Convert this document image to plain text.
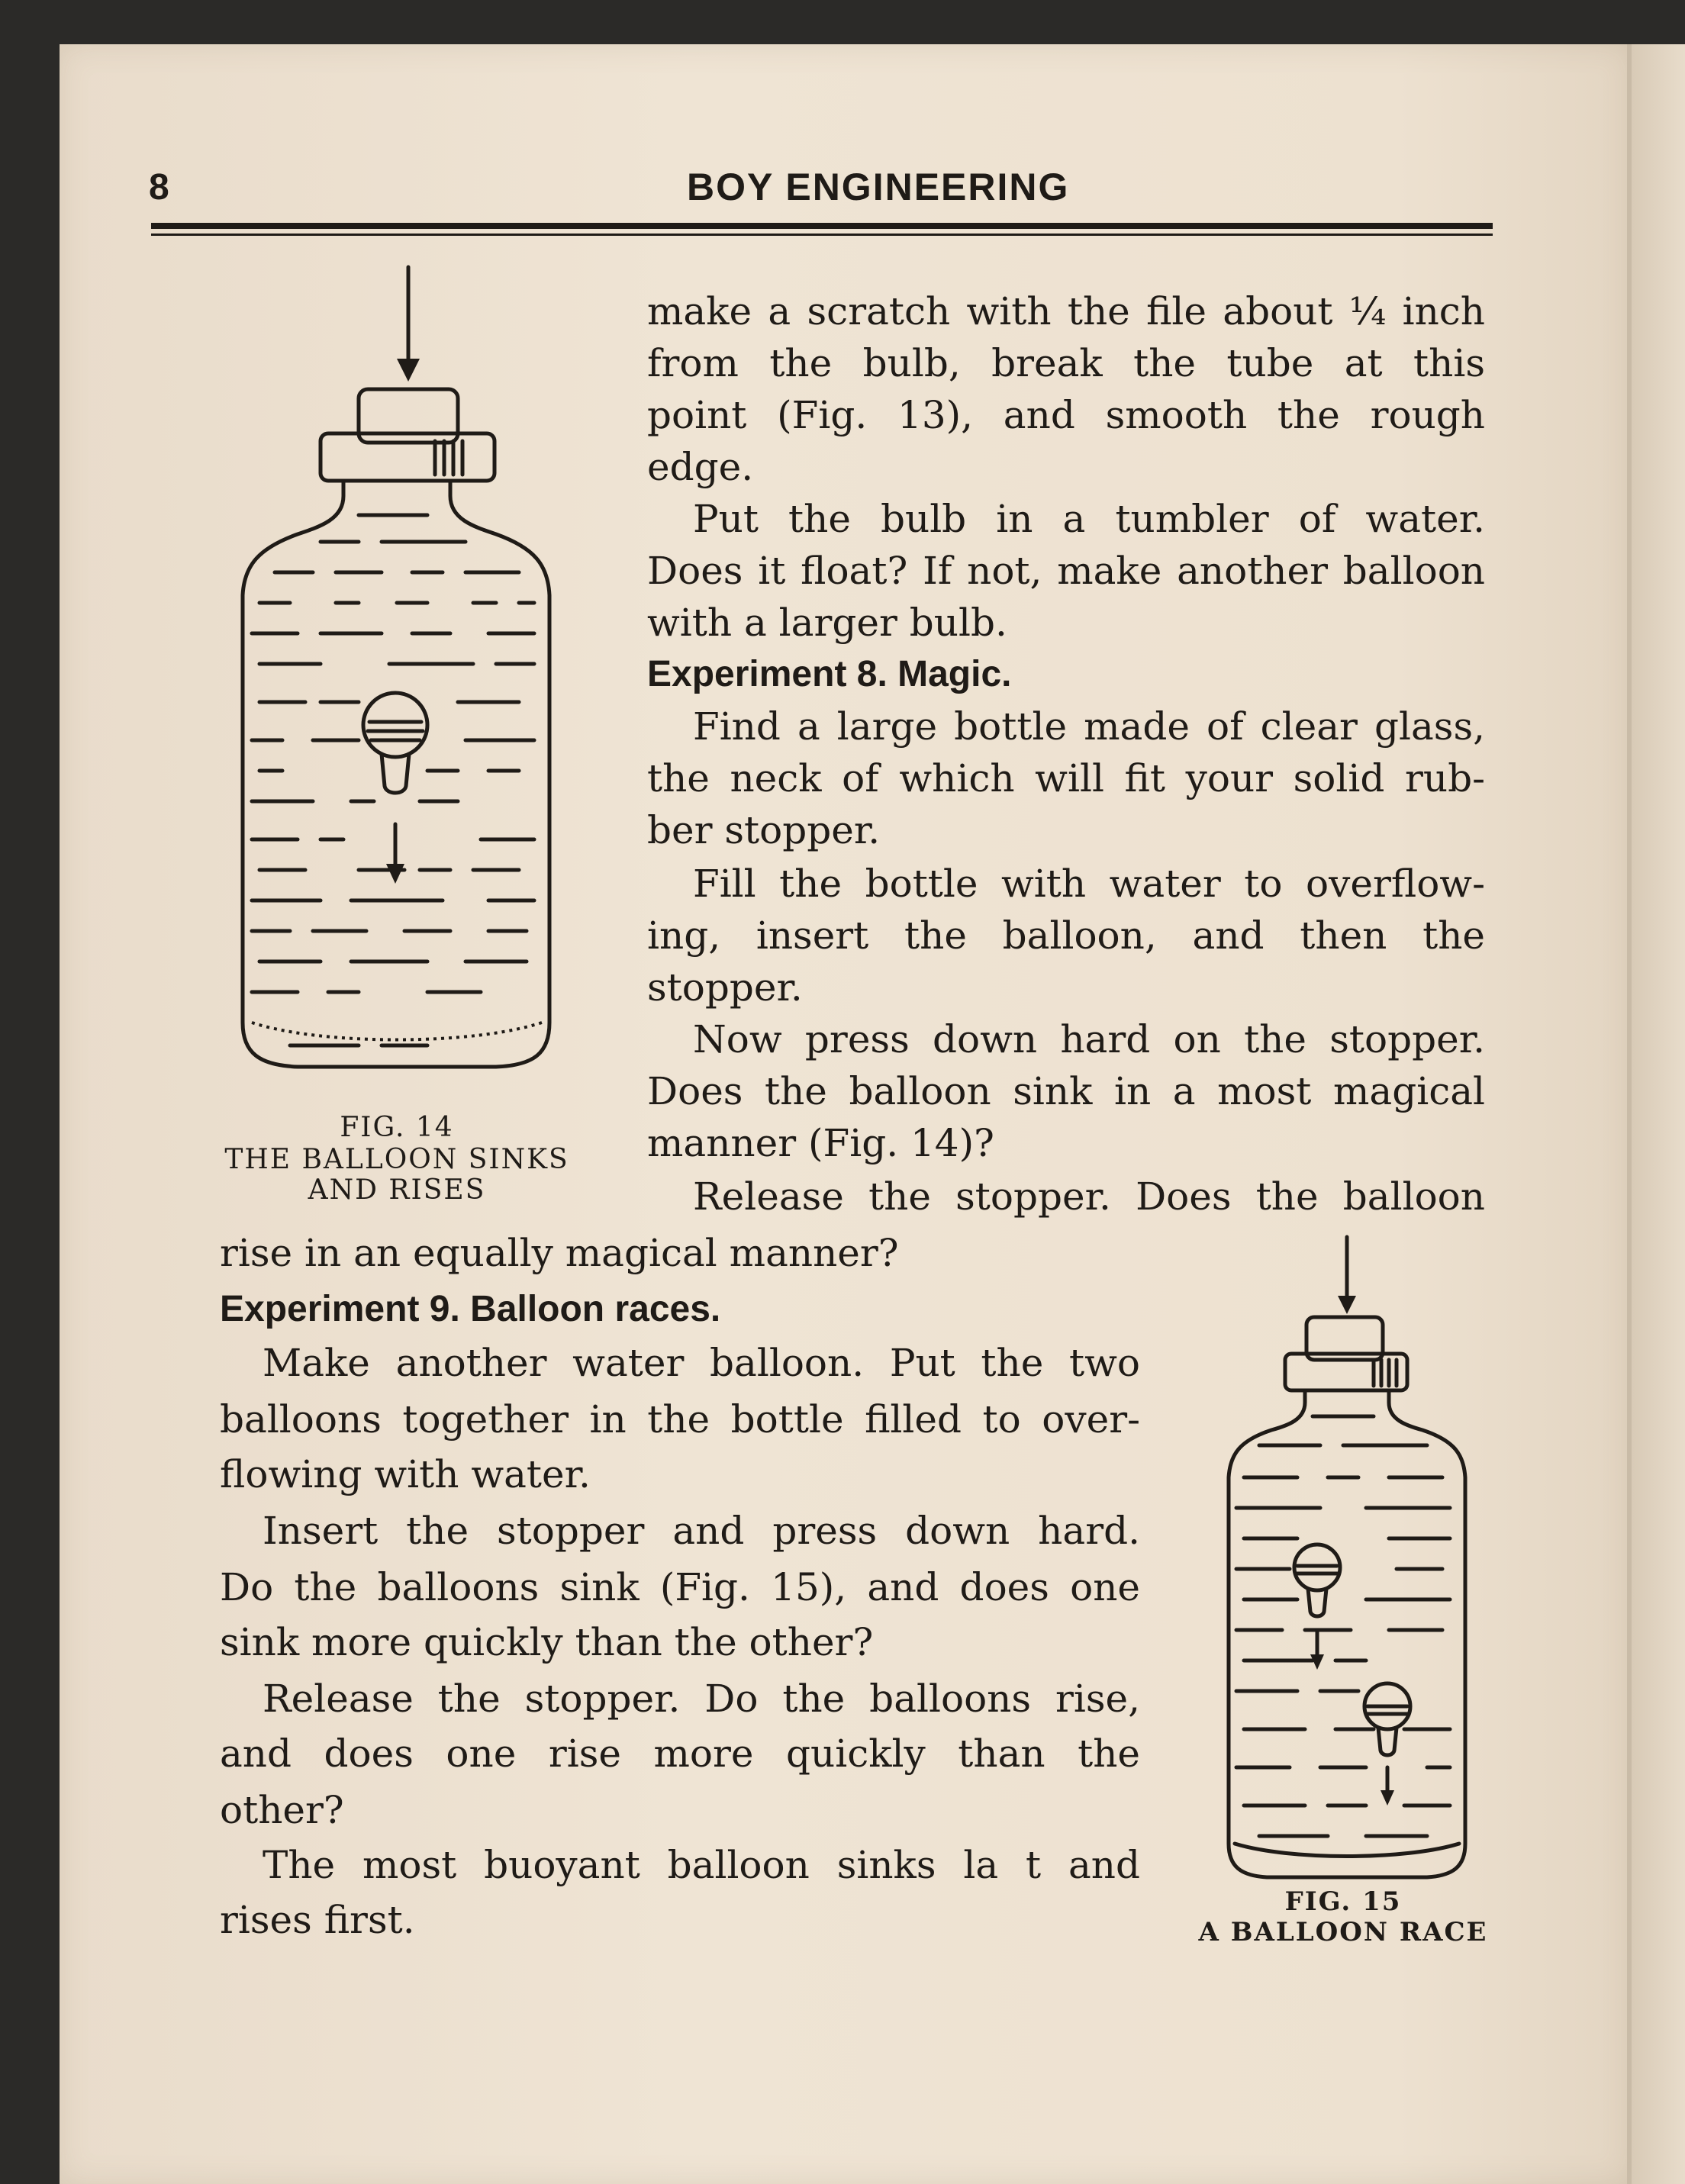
8	BOY ENGINEERING
make a scratch with the file about ¼ inch
from the bulb, break the tube at this
point (Fig. 13), and smooth the rough
edge.
Put the bulb in a tumbler of water.
Does it float? If not, make another balloon
with a larger bulb.
Experiment 8. Magic.
Find a large bottle made of clear glass,
the neck of which will fit your solid rub-
ber stopper.
Fill the bottle with water to overflow-
ing, insert the balloon, and then the
stopper.
Now press down hard on the stopper.
Does the balloon sink in a most magical
manner (Fig. 14)?
Release the stopper. Does the balloon
rise in an equally magical manner?
Experiment 9. Balloon races.
Make another water balloon. Put the two
balloons together in the bottle filled to over-
flowing with water.
Insert the stopper and press down hard.
Do the balloons sink (Fig. 15), and does one
sink more quickly than the other?
Release the stopper. Do the balloons rise,
and does one rise more quickly than the
other?
The most buoyant balloon sinks la t and
rises first.
FIG. 14
THE BALLOON SINKS
AND RISES
FIG. 15
A BALLOON RACE
